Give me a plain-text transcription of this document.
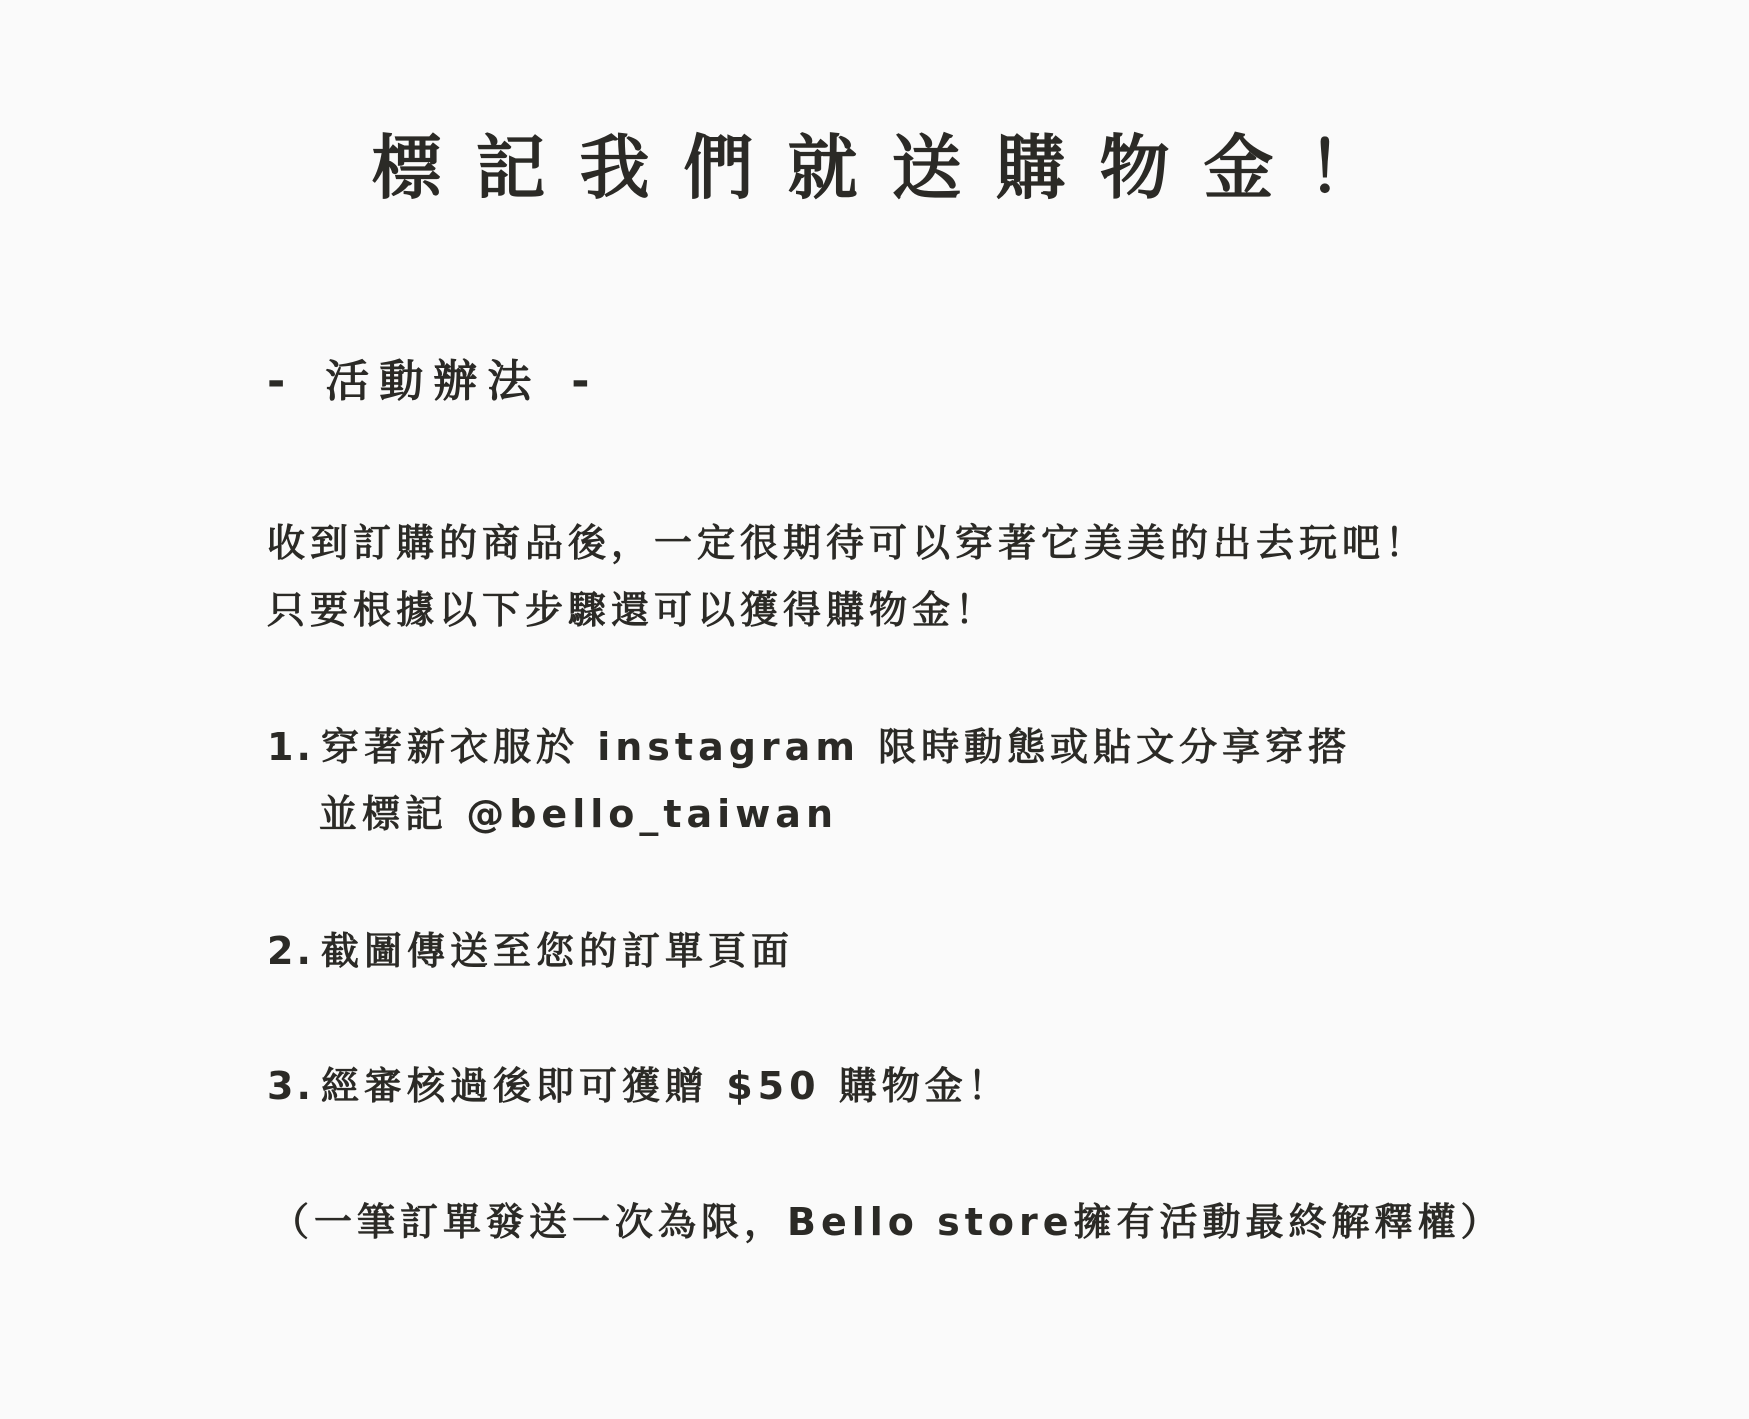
標記我們就送購物金！

- 活動辦法 -

收到訂購的商品後，一定很期待可以穿著它美美的出去玩吧！

只要根據以下步驟還可以獲得購物金！

1. 穿著新衣服於 instagram 限時動態或貼文分享穿搭

並標記 @bello_taiwan

2. 截圖傳送至您的訂單頁面

3. 經審核過後即可獲贈 $50 購物金！

（一筆訂單發送一次為限，Bello store擁有活動最終解釋權）
